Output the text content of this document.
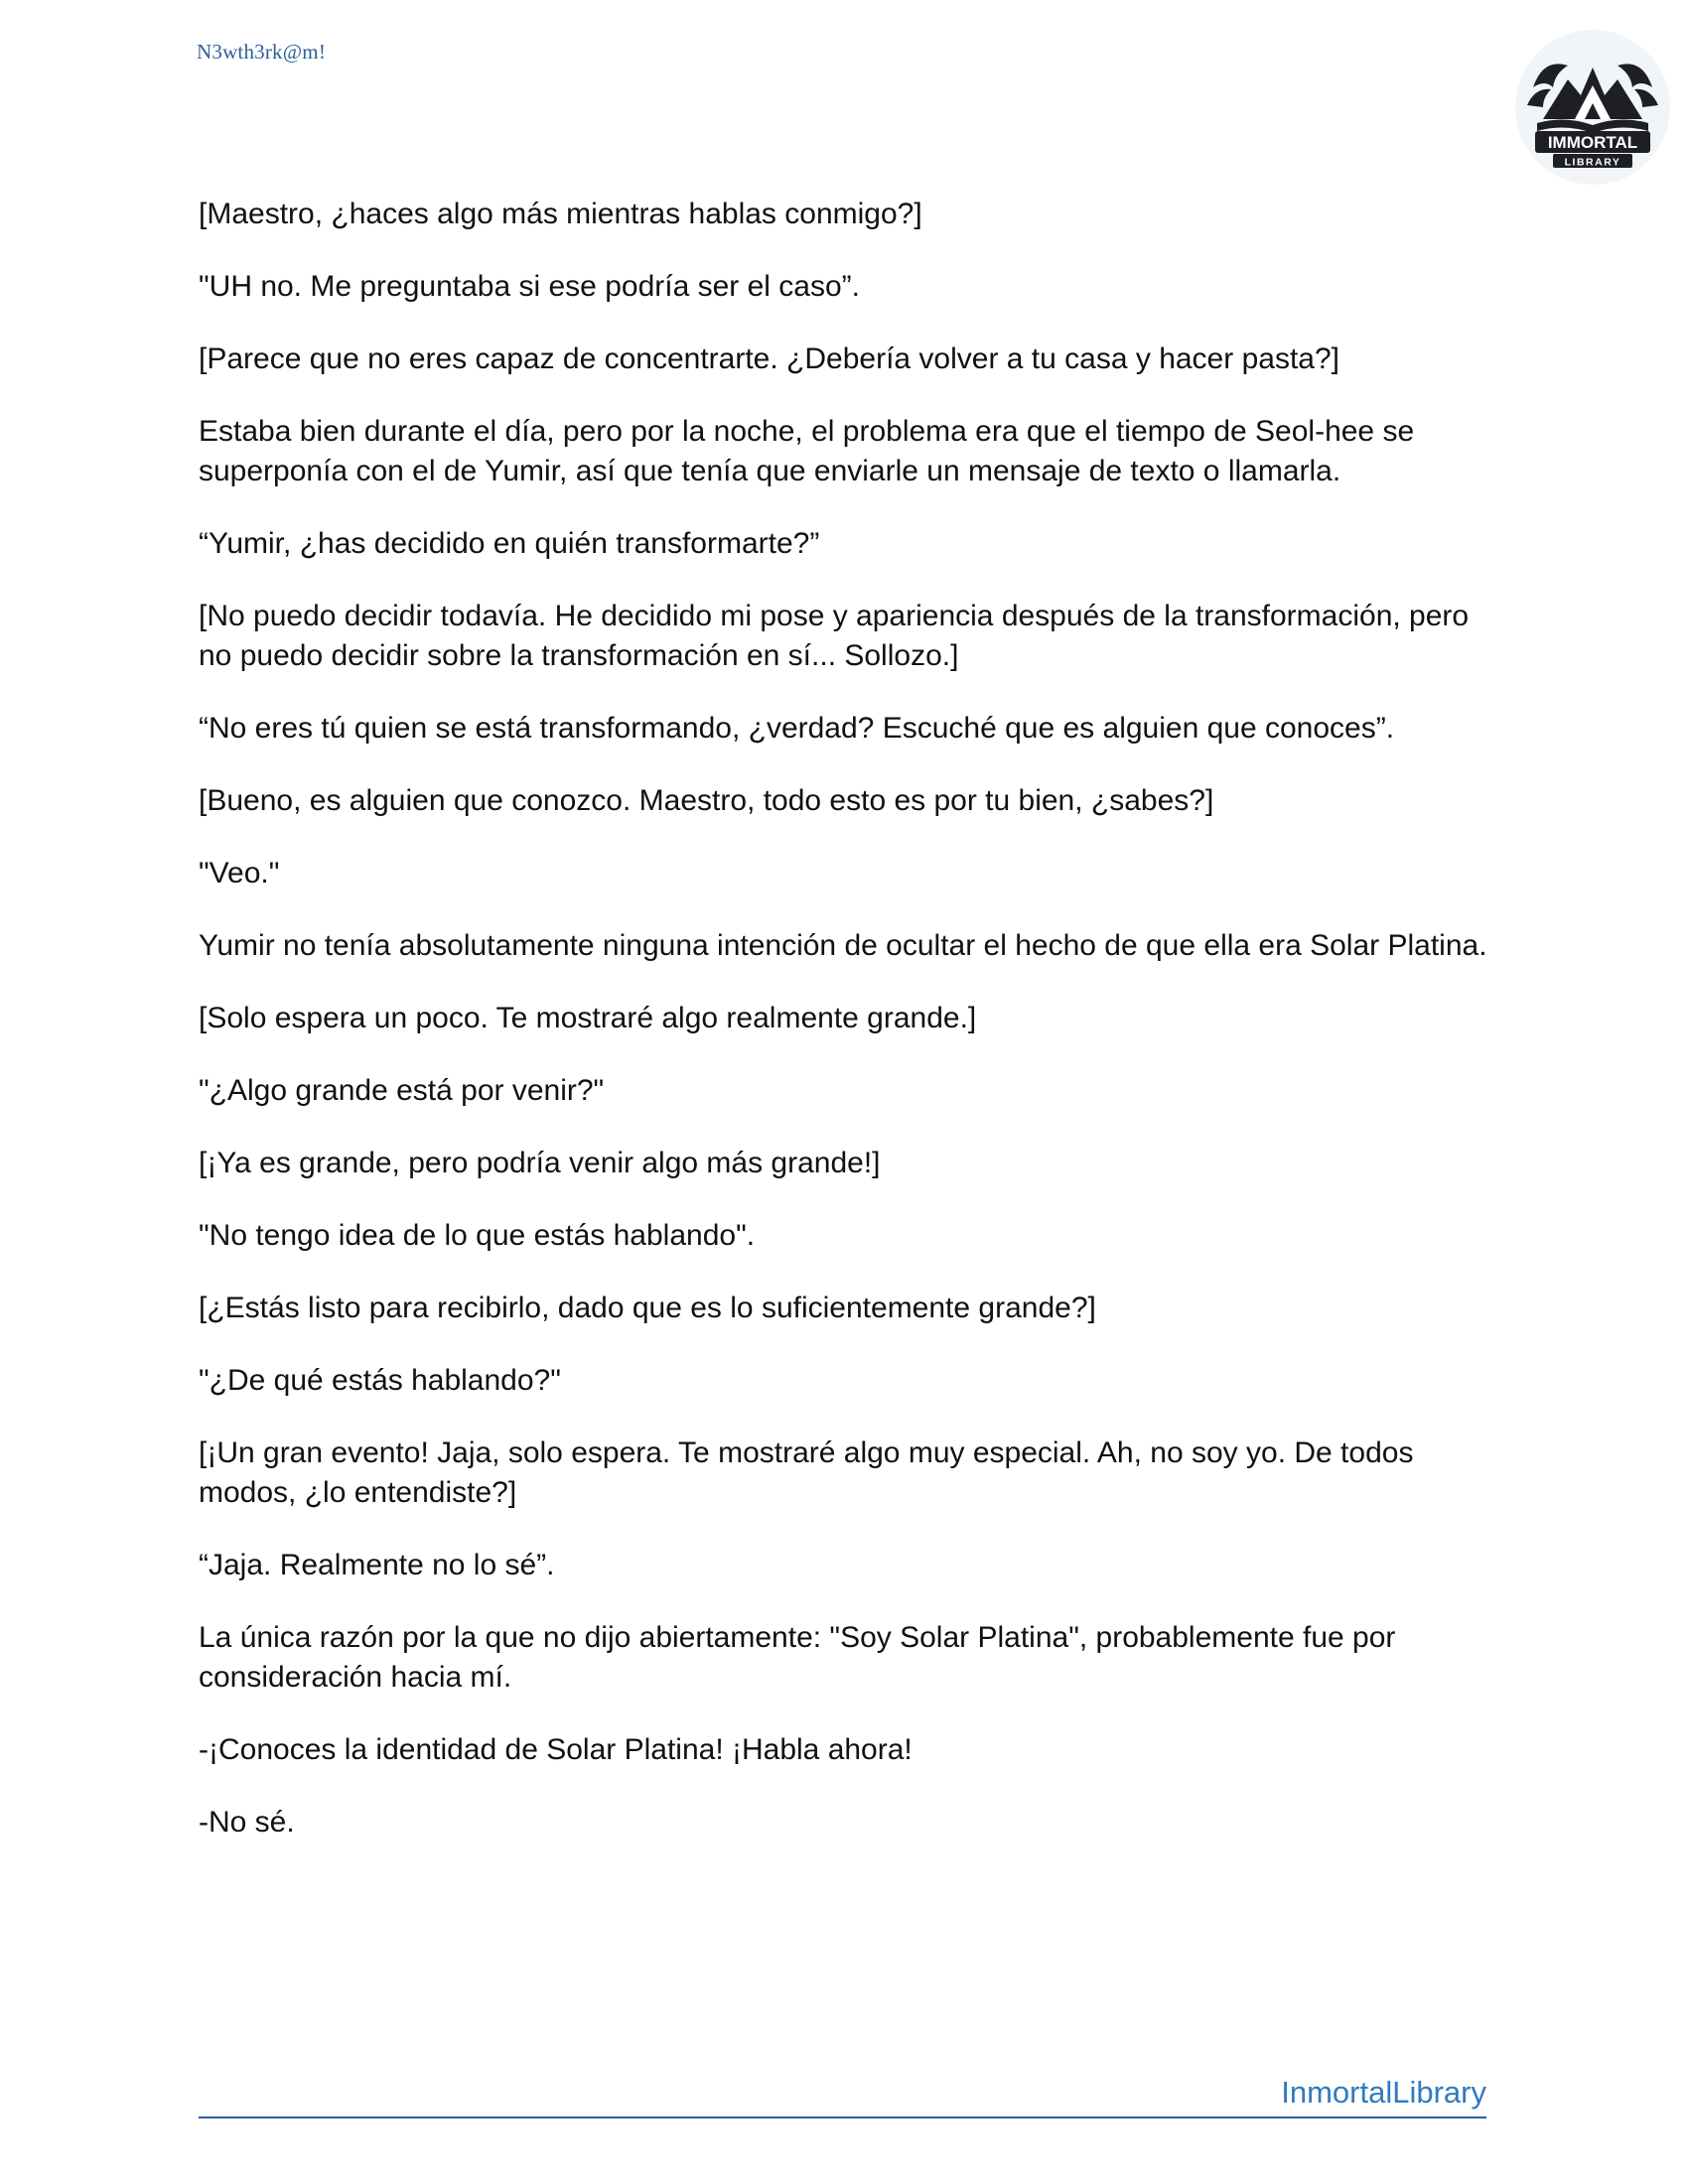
N3wth3rk@m!
IMMORTAL
LIBRARY

[Maestro, ¿haces algo más mientras hablas conmigo?]

"UH no. Me preguntaba si ese podría ser el caso”.

[Parece que no eres capaz de concentrarte. ¿Debería volver a tu casa y hacer pasta?]

Estaba bien durante el día, pero por la noche, el problema era que el tiempo de Seol-hee se superponía con el de Yumir, así que tenía que enviarle un mensaje de texto o llamarla.

“Yumir, ¿has decidido en quién transformarte?”

[No puedo decidir todavía. He decidido mi pose y apariencia después de la transformación, pero no puedo decidir sobre la transformación en sí... Sollozo.]

“No eres tú quien se está transformando, ¿verdad? Escuché que es alguien que conoces”.

[Bueno, es alguien que conozco. Maestro, todo esto es por tu bien, ¿sabes?]

"Veo."

Yumir no tenía absolutamente ninguna intención de ocultar el hecho de que ella era Solar Platina.

[Solo espera un poco. Te mostraré algo realmente grande.]

"¿Algo grande está por venir?"

[¡Ya es grande, pero podría venir algo más grande!]

"No tengo idea de lo que estás hablando".

[¿Estás listo para recibirlo, dado que es lo suficientemente grande?]

"¿De qué estás hablando?"

[¡Un gran evento! Jaja, solo espera. Te mostraré algo muy especial. Ah, no soy yo. De todos modos, ¿lo entendiste?]

“Jaja. Realmente no lo sé”.

La única razón por la que no dijo abiertamente: "Soy Solar Platina", probablemente fue por consideración hacia mí.

-¡Conoces la identidad de Solar Platina! ¡Habla ahora!

-No sé.

InmortalLibrary
